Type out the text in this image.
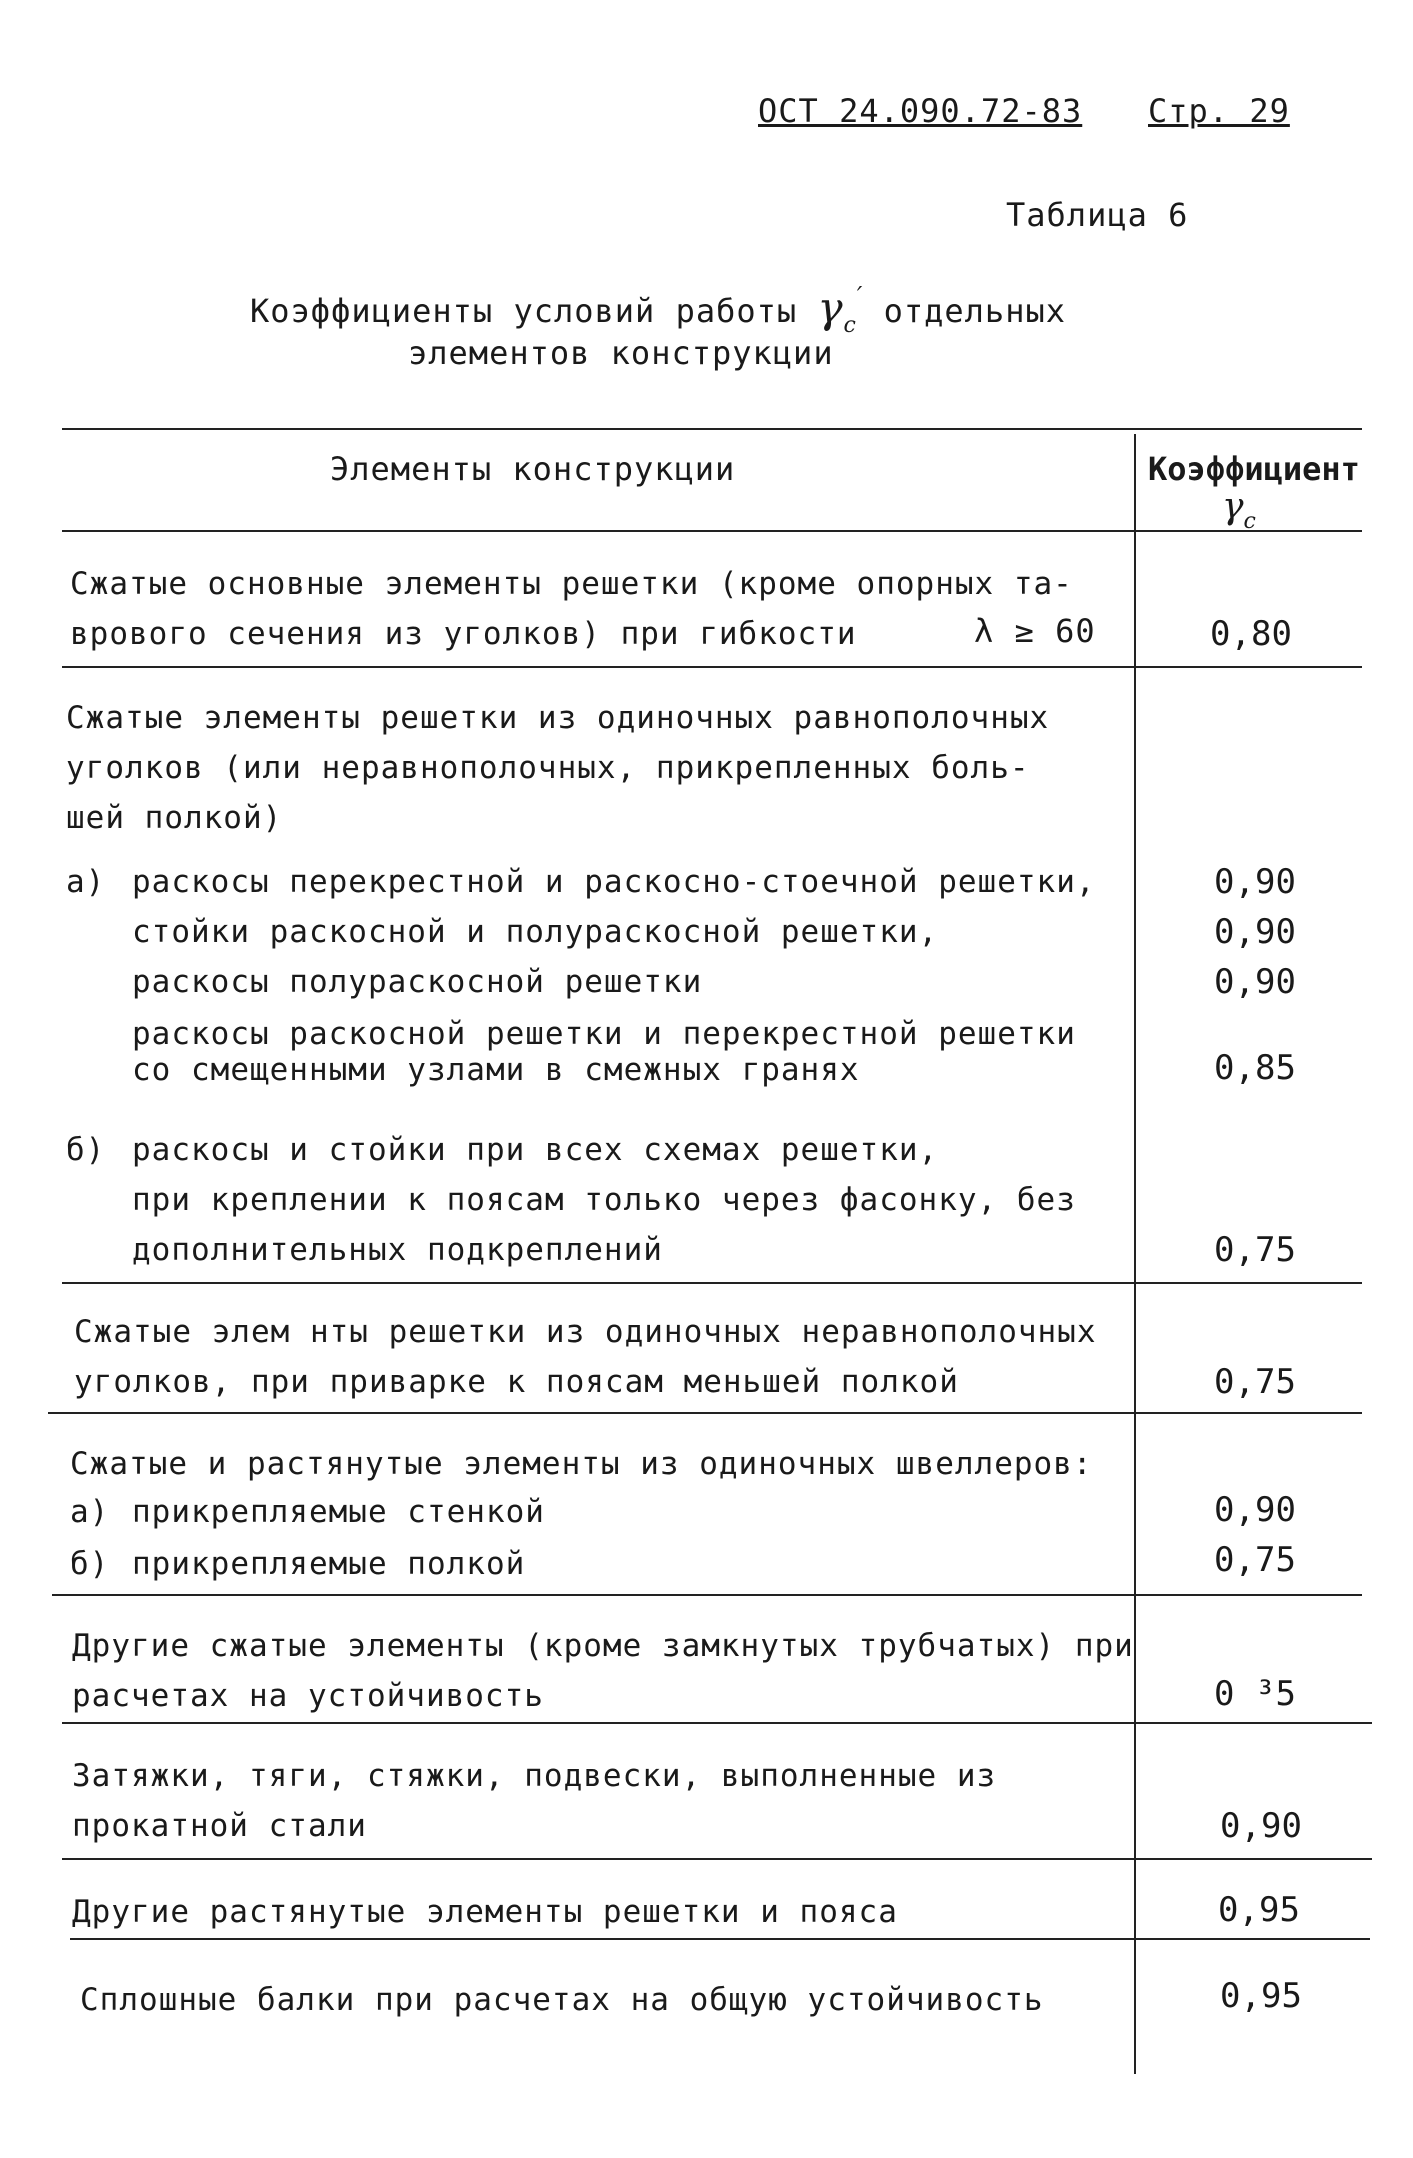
ОСТ 24.090.72-83 Стр. 29
Таблица 6
Коэффициенты условий работы $\gamma_c'$ отдельных
элементов конструкции
Элементы конструкции	Коэффициент
$\gamma_c$
Сжатые основные элементы решетки (кроме опорных та-
врового сечения из уголков) при гибкости	λ ≥ 60	0,80
Сжатые элементы решетки из одиночных равнополочных
уголков (или неравнополочных, прикрепленных боль-
шей полкой)
а) раскосы перекрестной и раскосно-стоечной решетки,	0,90
стойки раскосной и полураскосной решетки,	0,90
раскосы полураскосной решетки	0,90
раскосы раскосной решетки и перекрестной решетки
со смещенными узлами в смежных гранях	0,85
б) раскосы и стойки при всех схемах решетки,
при креплении к поясам только через фасонку, без
дополнительных подкреплений	0,75
Сжатые элем нты решетки из одиночных неравнополочных
уголков, при приварке к поясам меньшей полкой	0,75
Сжатые и растянутые элементы из одиночных швеллеров:
а) прикрепляемые стенкой	0,90
б) прикрепляемые полкой	0,75
Другие сжатые элементы (кроме замкнутых трубчатых) при
расчетах на устойчивость	0 ³5
Затяжки, тяги, стяжки, подвески, выполненные из
прокатной стали	0,90
Другие растянутые элементы решетки и пояса	0,95
Сплошные балки при расчетах на общую устойчивость	0,95
